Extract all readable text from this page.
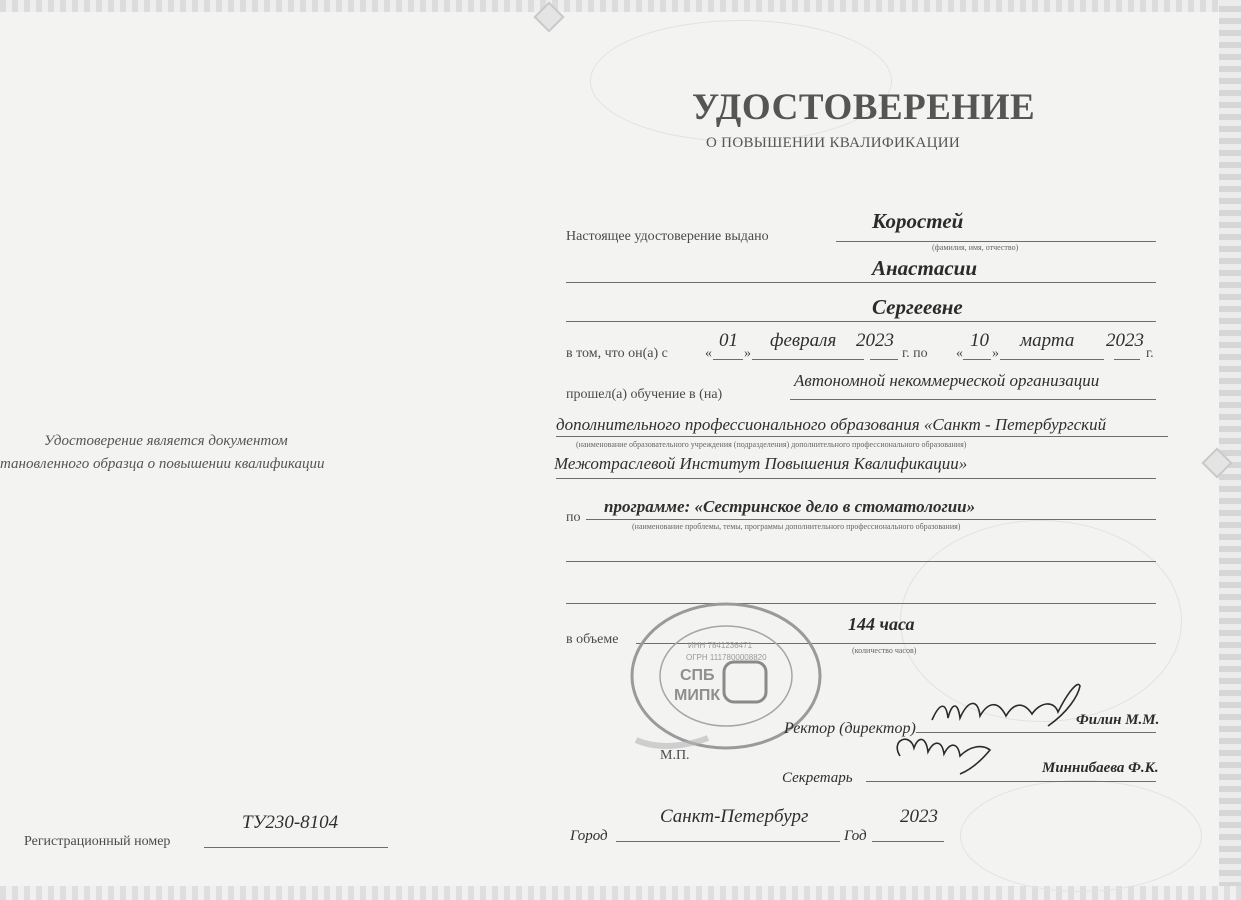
УДОСТОВЕРЕНИЕ
О ПОВЫШЕНИИ КВАЛИФИКАЦИИ
Настоящее удостоверение выдано
Коростей
(фамилия, имя, отчество)
Анастасии
Сергеевне
в том, что он(а) с	«
01
»
февраля 2023
г. по «
10
»
марта 2023
г.
прошел(а) обучение в (на)
Автономной некоммерческой организации
дополнительного профессионального образования «Санкт - Петербургский
(наименование образовательного учреждения (подразделения) дополнительного профессионального образования)
Межотраслевой Институт Повышения Квалификации»
по
программе: «Сестринское дело в стоматологии»
(наименование проблемы, темы, программы дополнительного профессионального образования)
в объеме
144 часа
(количество часов)
СПБ
МИПК
ИНН 7841236471
ОГРН 1117800008820
Ректор (директор)	Филин М.М.
М.П.
Секретарь
Миннибаева Ф.К.
Город
Санкт-Петербург
Год
2023
Удостоверение является документом
тановленного образца о повышении квалификации
Регистрационный номер
ТУ230-8104
